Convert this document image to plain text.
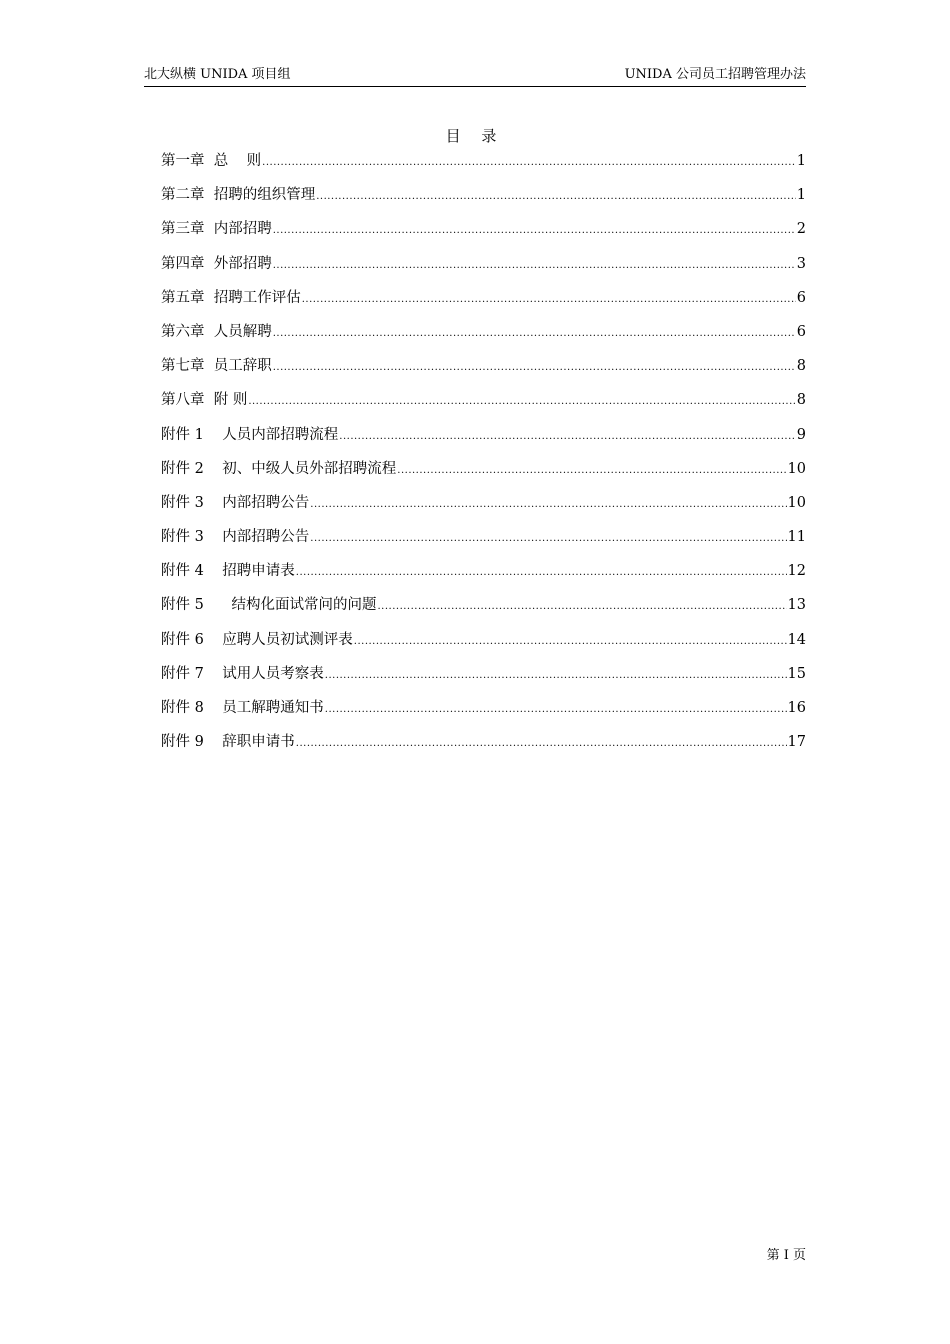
北大纵横 UNIDA 项目组	UNIDA 公司员工招聘管理办法
目 录
第一章  总    则 .....	1
第二章  招聘的组织管理 .....	1
第三章  内部招聘 .....	2
第四章  外部招聘 .....	3
第五章  招聘工作评估 .....	6
第六章  人员解聘 .....	6
第七章  员工辞职 .....	8
第八章  附 则 .....	8
附件 1    人员内部招聘流程 .....	9
附件 2    初、中级人员外部招聘流程 .....	10
附件 3    内部招聘公告 .....	10
附件 3    内部招聘公告 .....	11
附件 4    招聘申请表 .....	12
附件 5      结构化面试常问的问题 .....	13
附件 6    应聘人员初试测评表 .....	14
附件 7    试用人员考察表 .....	15
附件 8    员工解聘通知书 .....	16
附件 9    辞职申请书 .....	17
第 I 页
